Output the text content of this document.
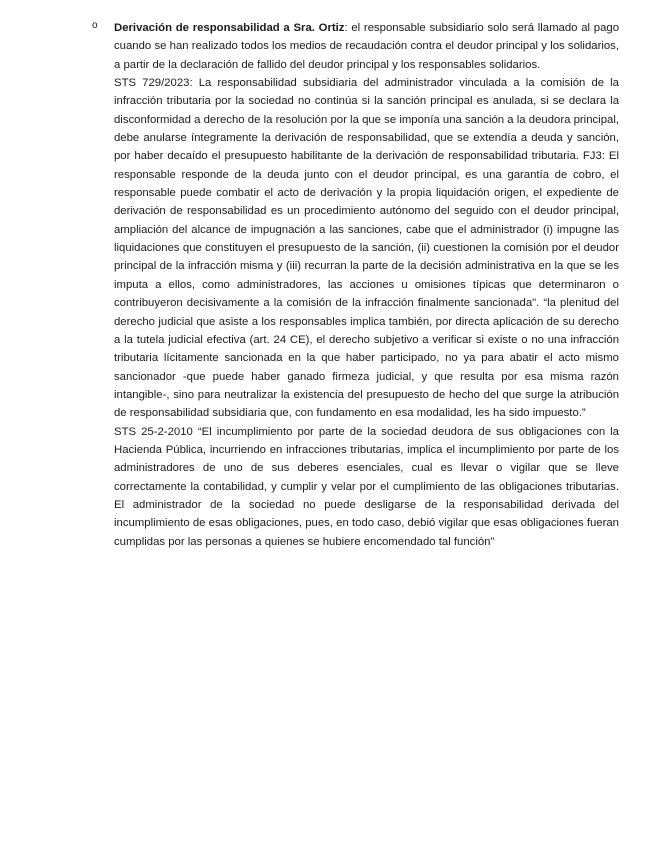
o Derivación de responsabilidad a Sra. Ortiz: el responsable subsidiario solo será llamado al pago cuando se han realizado todos los medios de recaudación contra el deudor principal y los solidarios, a partir de la declaración de fallido del deudor principal y los responsables solidarios.

STS 729/2023: La responsabilidad subsidiaria del administrador vinculada a la comisión de la infracción tributaria por la sociedad no continúa si la sanción principal es anulada, si se declara la disconformidad a derecho de la resolución por la que se imponía una sanción a la deudora principal, debe anularse íntegramente la derivación de responsabilidad, que se extendía a deuda y sanción, por haber decaído el presupuesto habilitante de la derivación de responsabilidad tributaria. FJ3: El responsable responde de la deuda junto con el deudor principal, es una garantía de cobro, el responsable puede combatir el acto de derivación y la propia liquidación origen, el expediente de derivación de responsabilidad es un procedimiento autónomo del seguido con el deudor principal, ampliación del alcance de impugnación a las sanciones, cabe que el administrador (i) impugne las liquidaciones que constituyen el presupuesto de la sanción, (ii) cuestionen la comisión por el deudor principal de la infracción misma y (iii) recurran la parte de la decisión administrativa en la que se les imputa a ellos, como administradores, las acciones u omisiones típicas que determinaron o contribuyeron decisivamente a la comisión de la infracción finalmente sancionada". “la plenitud del derecho judicial que asiste a los responsables implica también, por directa aplicación de su derecho a la tutela judicial efectiva (art. 24 CE), el derecho subjetivo a verificar si existe o no una infracción tributaria lícitamente sancionada en la que haber participado, no ya para abatir el acto mismo sancionador -que puede haber ganado firmeza judicial, y que resulta por esa misma razón intangible-, sino para neutralizar la existencia del presupuesto de hecho del que surge la atribución de responsabilidad subsidiaria que, con fundamento en esa modalidad, les ha sido impuesto.”

STS 25-2-2010 “El incumplimiento por parte de la sociedad deudora de sus obligaciones con la Hacienda Pública, incurriendo en infracciones tributarias, implica el incumplimiento por parte de los administradores de uno de sus deberes esenciales, cual es llevar o vigilar que se lleve correctamente la contabilidad, y cumplir y velar por el cumplimiento de las obligaciones tributarias. El administrador de la sociedad no puede desligarse de la responsabilidad derivada del incumplimiento de esas obligaciones, pues, en todo caso, debió vigilar que esas obligaciones fueran cumplidas por las personas a quienes se hubiere encomendado tal función”
